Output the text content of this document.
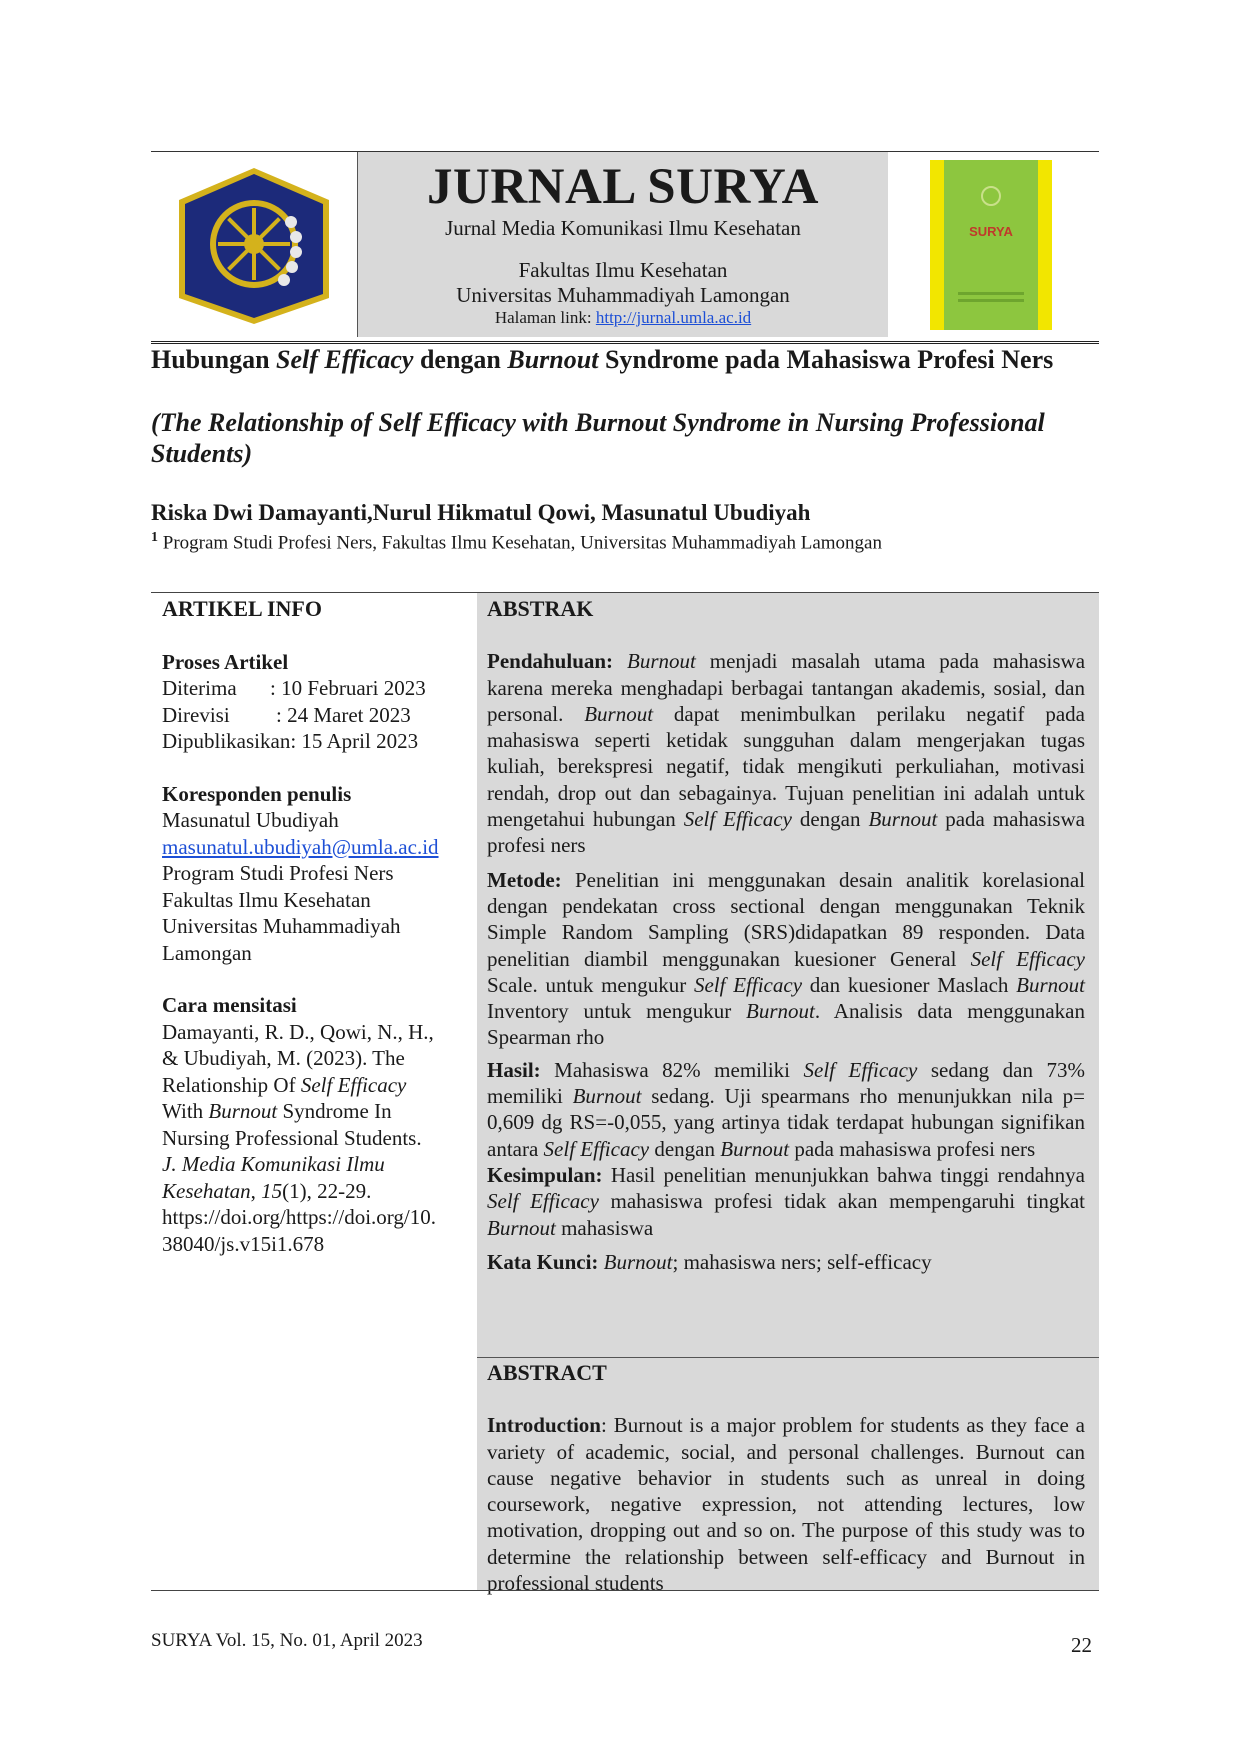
JURNAL SURYA
Jurnal Media Komunikasi Ilmu Kesehatan
Fakultas Ilmu Kesehatan
Universitas Muhammadiyah Lamongan
Halaman link: http://jurnal.umla.ac.id
SURYA
Hubungan Self Efficacy dengan Burnout Syndrome pada Mahasiswa Profesi Ners
(The Relationship of Self Efficacy with Burnout Syndrome in Nursing Professional Students)
Riska Dwi Damayanti,Nurul Hikmatul Qowi, Masunatul Ubudiyah
$^1$ Program Studi Profesi Ners, Fakultas Ilmu Kesehatan, Universitas Muhammadiyah Lamongan

ARTIKEL INFO

Proses Artikel

Diterima : 10 Februari 2023

Direvisi : 24 Maret 2023

Dipublikasikan: 15 April 2023

Koresponden penulis

Masunatul Ubudiyah

masunatul.ubudiyah@umla.ac.id

Program Studi Profesi Ners

Fakultas Ilmu Kesehatan

Universitas Muhammadiyah

Lamongan

Cara mensitasi

Damayanti, R. D., Qowi, N., H.,

& Ubudiyah, M. (2023). The

Relationship Of Self Efficacy

With Burnout Syndrome In

Nursing Professional Students.

J. Media Komunikasi Ilmu

Kesehatan, 15(1), 22-29.

https://doi.org/https://doi.org/10.

38040/js.v15i1.678

ABSTRAK

Pendahuluan: Burnout menjadi masalah utama pada mahasiswa karena mereka menghadapi berbagai tantangan akademis, sosial, dan personal. Burnout dapat menimbulkan perilaku negatif pada mahasiswa seperti ketidak sungguhan dalam mengerjakan tugas kuliah, berekspresi negatif, tidak mengikuti perkuliahan, motivasi rendah, drop out dan sebagainya. Tujuan penelitian ini adalah untuk mengetahui hubungan Self Efficacy dengan Burnout pada mahasiswa profesi ners

Metode: Penelitian ini menggunakan desain analitik korelasional dengan pendekatan cross sectional dengan menggunakan Teknik Simple Random Sampling (SRS)didapatkan 89 responden. Data penelitian diambil menggunakan kuesioner General Self Efficacy Scale. untuk mengukur Self Efficacy dan kuesioner Maslach Burnout Inventory untuk mengukur Burnout. Analisis data menggunakan Spearman rho

Hasil: Mahasiswa 82% memiliki Self Efficacy sedang dan 73% memiliki Burnout sedang. Uji spearmans rho menunjukkan nila p= 0,609 dg RS=-0,055, yang artinya tidak terdapat hubungan signifikan antara Self Efficacy dengan Burnout pada mahasiswa profesi ners

Kesimpulan: Hasil penelitian menunjukkan bahwa tinggi rendahnya Self Efficacy mahasiswa profesi tidak akan mempengaruhi tingkat Burnout mahasiswa

Kata Kunci: Burnout; mahasiswa ners; self-efficacy

ABSTRACT

Introduction: Burnout is a major problem for students as they face a variety of academic, social, and personal challenges. Burnout can cause negative behavior in students such as unreal in doing coursework, negative expression, not attending lectures, low motivation, dropping out and so on. The purpose of this study was to determine the relationship between self-efficacy and Burnout in professional students

SURYA Vol. 15, No. 01, April 2023	22
